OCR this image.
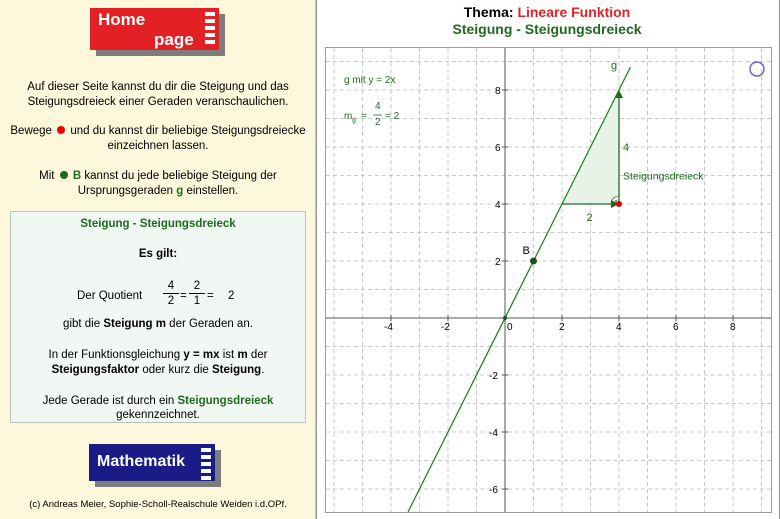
Home
page
Auf dieser Seite kannst du dir die Steigung und das Steigungsdreieck einer Geraden veranschaulichen.
Bewege und du kannst dir beliebige Steigungsdreiecke einzeichnen lassen.
Mit B kannst du jede beliebige Steigung der Ursprungsgeraden g einstellen.
Steigung - Steigungsdreieck
Es gilt:
Der Quotient
4
2 =
2
1 = 2
gibt die Steigung m der Geraden an.
In der Funktionsgleichung y = mx ist m der
Steigungsfaktor oder kurz die Steigung.
Jede Gerade ist durch ein Steigungsdreieck
gekennzeichnet.
Mathematik
(c) Andreas Meier, Sophie-Scholl-Realschule Weiden i.d.OPf.
Thema: Lineare Funktion
Steigung - Steigungsdreieck
-4	-2	0	2	4	6	8
8
6
4
2
-2
-4
-6
B
g
4
2
Steigungsdreieck
g mit y = 2x
m g =
4
2
= 2
